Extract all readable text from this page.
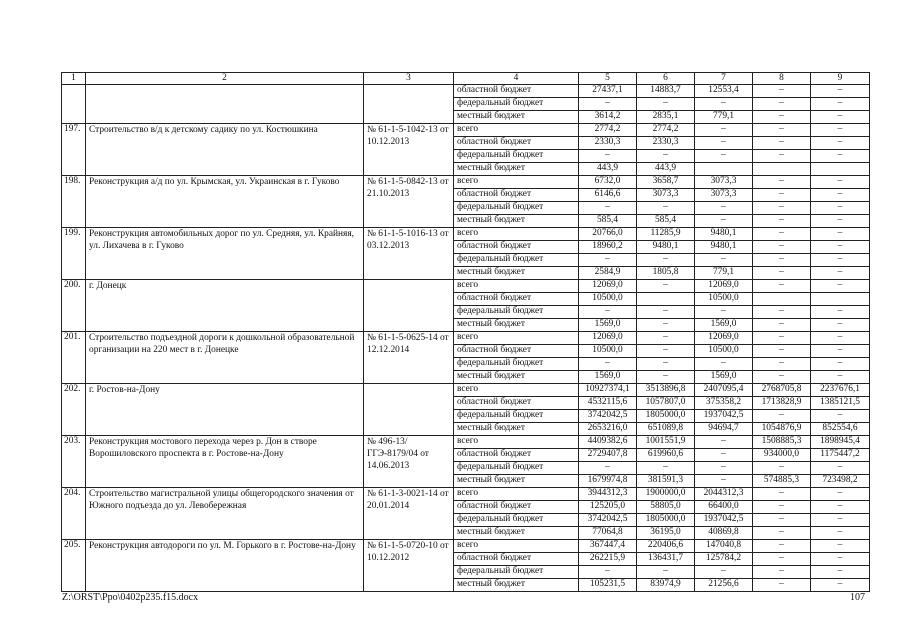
1	2	3	4	5	6	7	8	9
			областной бюджет	27437,1	14883,7	12553,4	–	–
			федеральный бюджет	–	–	–	–	–
			местный бюджет	3614,2	2835,1	779,1	–	–
197.	Строительство в/д к детскому садику по ул. Костюшкина	№ 61-1-5-1042-13 от 10.12.2013	всего	2774,2	2774,2	–	–	–
			областной бюджет	2330,3	2330,3	–	–	–
			федеральный бюджет	–	–	–	–	–
			местный бюджет	443,9	443,9			
198.	Реконструкция а/д по ул. Крымская, ул. Украинская в г. Гуково	№ 61-1-5-0842-13 от 21.10.2013	всего	6732,0	3658,7	3073,3	–	–
			областной бюджет	6146,6	3073,3	3073,3	–	–
			федеральный бюджет	–	–	–	–	–
			местный бюджет	585,4	585,4	–	–	–
199.	Реконструкция автомобильных дорог по ул. Средняя, ул. Крайняя, ул. Лихачева в г. Гуково	№ 61-1-5-1016-13 от 03.12.2013	всего	20766,0	11285,9	9480,1	–	–
			областной бюджет	18960,2	9480,1	9480,1	–	–
			федеральный бюджет	–	–	–	–	–
			местный бюджет	2584,9	1805,8	779,1	–	–
200.	г. Донецк		всего	12069,0	–	12069,0	–	–
			областной бюджет	10500,0		10500,0		
			федеральный бюджет	–	–	–	–	–
			местный бюджет	1569,0	–	1569,0	–	–
201.	Строительство подъездной дороги к дошкольной образовательной организации на 220 мест в г. Донецке	№ 61-1-5-0625-14 от 12.12.2014	всего	12069,0	–	12069,0	–	–
			областной бюджет	10500,0	–	10500,0	–	–
			федеральный бюджет	–	–	–	–	–
			местный бюджет	1569,0	–	1569,0	–	–
202.	г. Ростов-на-Дону		всего	10927374,1	3513896,8	2407095,4	2768705,8	2237676,1
			областной бюджет	4532115,6	1057807,0	375358,2	1713828,9	1385121,5
			федеральный бюджет	3742042,5	1805000,0	1937042,5	–	–
			местный бюджет	2653216,0	651089,8	94694,7	1054876,9	852554,6
203.	Реконструкция мостового перехода через р. Дон в створе Ворошиловского проспекта в г. Ростове-на-Дону	№ 496-13/ГГЭ-8179/04 от 14.06.2013	всего	4409382,6	1001551,9	–	1508885,3	1898945,4
			областной бюджет	2729407,8	619960,6	–	934000,0	1175447,2
			федеральный бюджет	–	–	–	–	–
			местный бюджет	1679974,8	381591,3	–	574885,3	723498,2
204.	Строительство магистральной улицы общегородского значения от Южного подъезда до ул. Левобережная	№ 61-1-3-0021-14 от 20.01.2014	всего	3944312,3	1900000,0	2044312,3	–	–
			областной бюджет	125205,0	58805,0	66400,0	–	–
			федеральный бюджет	3742042,5	1805000,0	1937042,5	–	–
			местный бюджет	77064,8	36195,0	40869,8	–	–
205.	Реконструкция автодороги по ул. М. Горького в г. Ростове-на-Дону	№ 61-1-5-0720-10 от 10.12.2012	всего	367447,4	220406,6	147040,8	–	–
			областной бюджет	262215,9	136431,7	125784,2	–	–
			федеральный бюджет	–	–	–	–	–
			местный бюджет	105231,5	83974,9	21256,6	–	–
Z:\ORST\Ppo\0402p235.f15.docx	107
